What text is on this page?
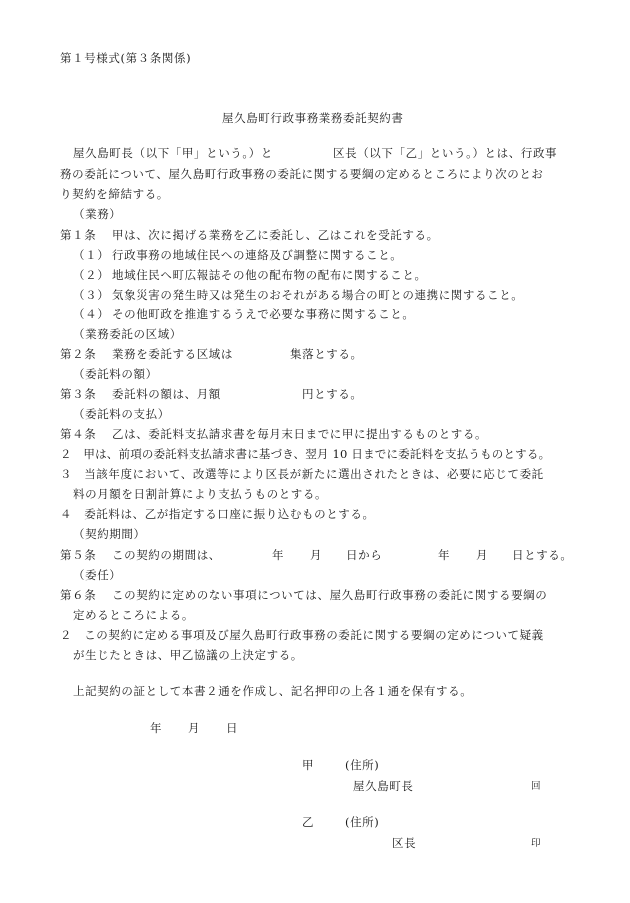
第１号様式(第３条関係)
屋久島町行政事務業務委託契約書
屋久島町長（以下「甲」という。）と	区長（以下「乙」という。）とは、行政事
務の委託について、屋久島町行政事務の委託に関する要綱の定めるところにより次のとお
り契約を締結する。
（業務）
第１条 甲は、次に掲げる業務を乙に委託し、乙はこれを受託する。
（１） 行政事務の地域住民への連絡及び調整に関すること。
（２） 地域住民へ町広報誌その他の配布物の配布に関すること。
（３） 気象災害の発生時又は発生のおそれがある場合の町との連携に関すること。
（４） その他町政を推進するうえで必要な事務に関すること。
（業務委託の区域）
第２条 業務を委託する区域は	集落とする。
（委託料の額）
第３条 委託料の額は、月額	円とする。
（委託料の支払）
第４条 乙は、委託料支払請求書を毎月末日までに甲に提出するものとする。
２　甲は、前項の委託料支払請求書に基づき、翌月 10 日までに委託料を支払うものとする。
３　当該年度において、改選等により区長が新たに選出されたときは、必要に応じて委託
料の月額を日割計算により支払うものとする。
４　委託料は、乙が指定する口座に振り込むものとする。
（契約期間）
第５条 この契約の期間は、	年 月 日から	年 月 日とする。
（委任）
第６条 この契約に定めのない事項については、屋久島町行政事務の委託に関する要綱の
定めるところによる。
２　この契約に定める事項及び屋久島町行政事務の委託に関する要綱の定めについて疑義
が生じたときは、甲乙協議の上決定する。
上記契約の証として本書２通を作成し、記名押印の上各１通を保有する。
年 月 日
甲	(住所)
屋久島町長	回
乙	(住所)
区長	印
